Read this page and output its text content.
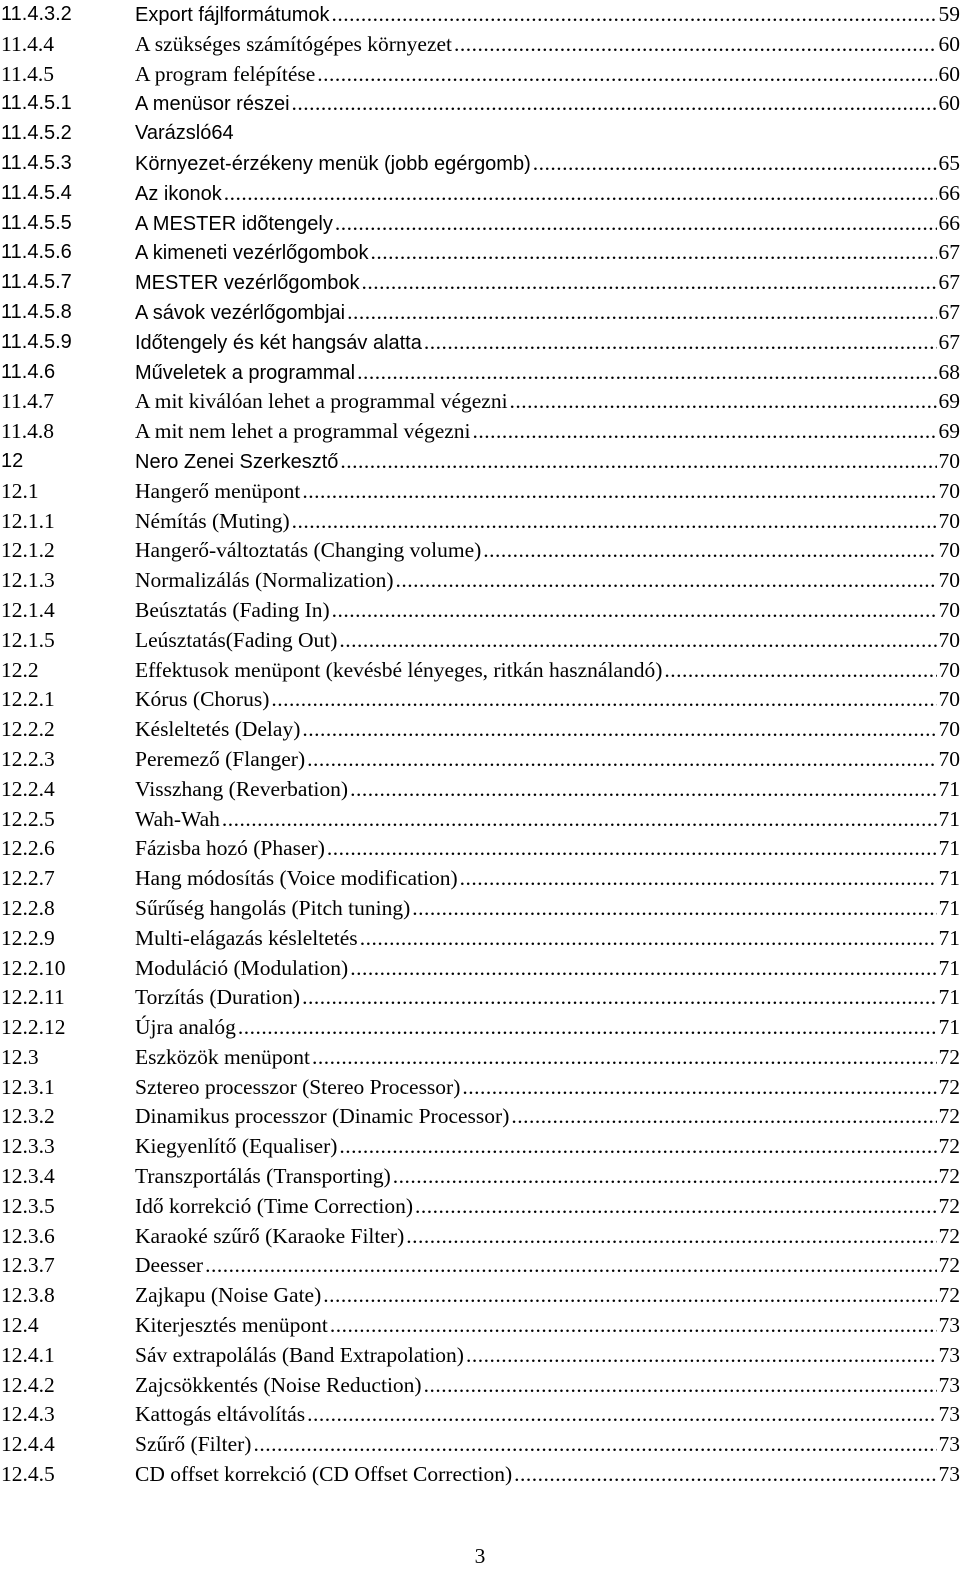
11.4.3.2	Export fájlformátumok .....	59
11.4.4	A szükséges számítógépes környezet .....	60
11.4.5	A program felépítése .....	60
11.4.5.1	A menüsor részei .....	60
11.4.5.2	Varázsló64
11.4.5.3	Környezet-érzékeny menük (jobb egérgomb) .....	65
11.4.5.4	Az ikonok .....	66
11.4.5.5	A MESTER idõtengely .....	66
11.4.5.6	A kimeneti vezérlőgombok .....	67
11.4.5.7	MESTER vezérlőgombok .....	67
11.4.5.8	A sávok vezérlőgombjai .....	67
11.4.5.9	Időtengely és két hangsáv alatta .....	67
11.4.6	Műveletek a programmal .....	68
11.4.7	A mit kiválóan lehet a programmal végezni .....	69
11.4.8	A mit nem lehet a programmal végezni .....	69
12	Nero Zenei Szerkesztő .....	70
12.1	Hangerő menüpont .....	70
12.1.1	Némítás (Muting) .....	70
12.1.2	Hangerő-változtatás (Changing volume) .....	70
12.1.3	Normalizálás (Normalization) .....	70
12.1.4	Beúsztatás (Fading In) .....	70
12.1.5	Leúsztatás(Fading Out) .....	70
12.2	Effektusok menüpont (kevésbé lényeges, ritkán használandó) .....	70
12.2.1	Kórus (Chorus) .....	70
12.2.2	Késleltetés (Delay) .....	70
12.2.3	Peremező (Flanger) .....	70
12.2.4	Visszhang (Reverbation) .....	71
12.2.5	Wah-Wah .....	71
12.2.6	Fázisba hozó (Phaser) .....	71
12.2.7	Hang módosítás (Voice modification) .....	71
12.2.8	Sűrűség hangolás (Pitch tuning) .....	71
12.2.9	Multi-elágazás késleltetés .....	71
12.2.10	Moduláció (Modulation) .....	71
12.2.11	Torzítás (Duration) .....	71
12.2.12	Újra analóg .....	71
12.3	Eszközök menüpont .....	72
12.3.1	Sztereo processzor (Stereo Processor) .....	72
12.3.2	Dinamikus processzor (Dinamic Processor) .....	72
12.3.3	Kiegyenlítő (Equaliser) .....	72
12.3.4	Transzportálás (Transporting) .....	72
12.3.5	Idő korrekció (Time Correction) .....	72
12.3.6	Karaoké szűrő (Karaoke Filter) .....	72
12.3.7	Deesser .....	72
12.3.8	Zajkapu (Noise Gate) .....	72
12.4	Kiterjesztés menüpont .....	73
12.4.1	Sáv extrapolálás (Band Extrapolation) .....	73
12.4.2	Zajcsökkentés (Noise Reduction) .....	73
12.4.3	Kattogás eltávolítás .....	73
12.4.4	Szűrő (Filter) .....	73
12.4.5	CD offset korrekció (CD Offset Correction) .....	73
3
